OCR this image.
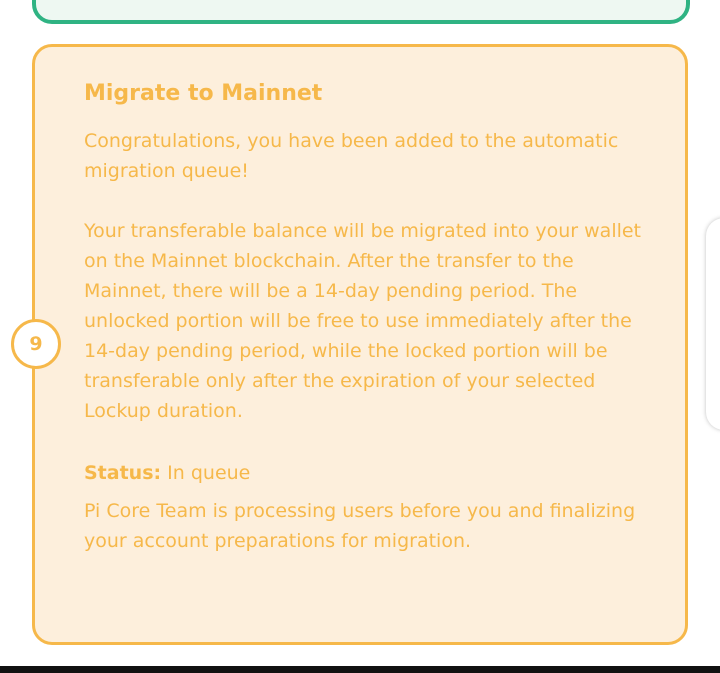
9
Migrate to Mainnet

Congratulations, you have been added to the automatic migration queue!

Your transferable balance will be migrated into your wallet on the Mainnet blockchain. After the transfer to the Mainnet, there will be a 14-day pending period. The unlocked portion will be free to use immediately after the 14-day pending period, while the locked portion will be transferable only after the expiration of your selected Lockup duration.

Status: In queue

Pi Core Team is processing users before you and finalizing your account preparations for migration.
